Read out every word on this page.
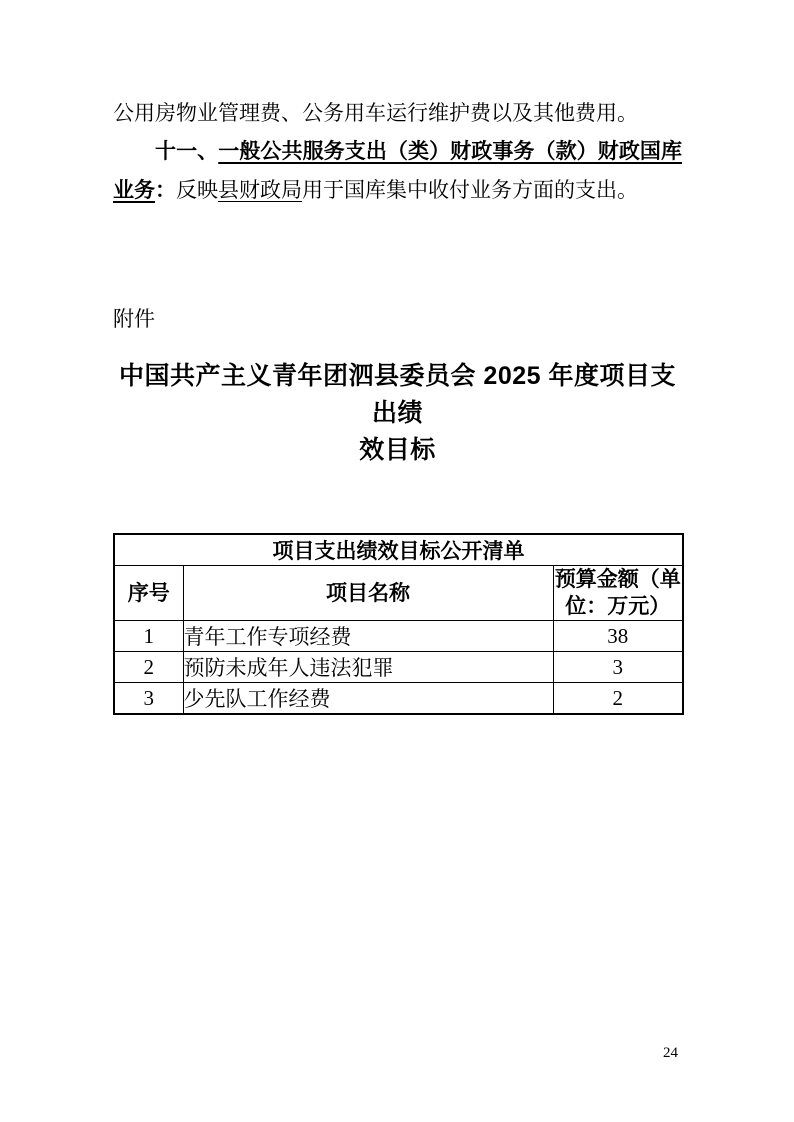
公用房物业管理费、公务用车运行维护费以及其他费用。

十一、一般公共服务支出（类）财政事务（款）财政国库业务：反映县财政局用于国库集中收付业务方面的支出。

附件

中国共产主义青年团泗县委员会 2025 年度项目支出绩
效目标
项目支出绩效目标公开清单		
序号	项目名称	预算金额（单位：万元）
1	青年工作专项经费	38
2	预防未成年人违法犯罪	3
3	少先队工作经费	2
24
